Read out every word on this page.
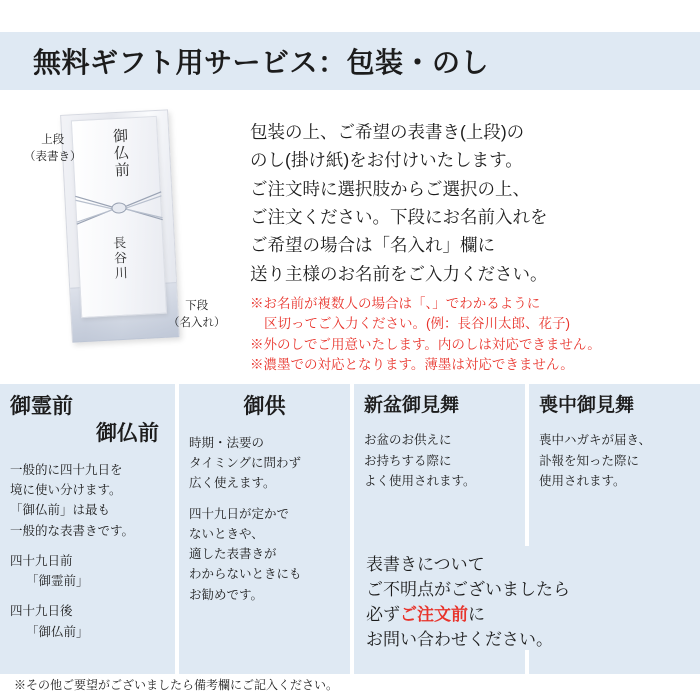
無料ギフト用サービス：包装・のし
御仏前
長谷川
上段
（表書き）
下段
（名入れ）
包装の上、ご希望の表書き(上段)の
のし(掛け紙)をお付けいたします。
ご注文時に選択肢からご選択の上、
ご注文ください。下段にお名前入れを
ご希望の場合は「名入れ」欄に
送り主様のお名前をご入力ください。
※お名前が複数人の場合は「、」でわかるように
区切ってご入力ください。(例：長谷川太郎、花子)
※外のしでご用意いたします。内のしは対応できません。
※濃墨での対応となります。薄墨は対応できません。
御霊前
御仏前

一般的に四十九日を
境に使い分けます。
「御仏前」は最も
一般的な表書きです。

四十九日前
「御霊前」

四十九日後
「御仏前」

御供

時期・法要の
タイミングに問わず
広く使えます。

四十九日が定かで
ないときや、
適した表書きが
わからないときにも
お勧めです。

新盆御見舞

お盆のお供えに
お持ちする際に
よく使用されます。

喪中御見舞

喪中ハガキが届き、
訃報を知った際に
使用されます。

表書きについて
ご不明点がございましたら
必ずご注文前に
お問い合わせください。
※その他ご要望がございましたら備考欄にご記入ください。
